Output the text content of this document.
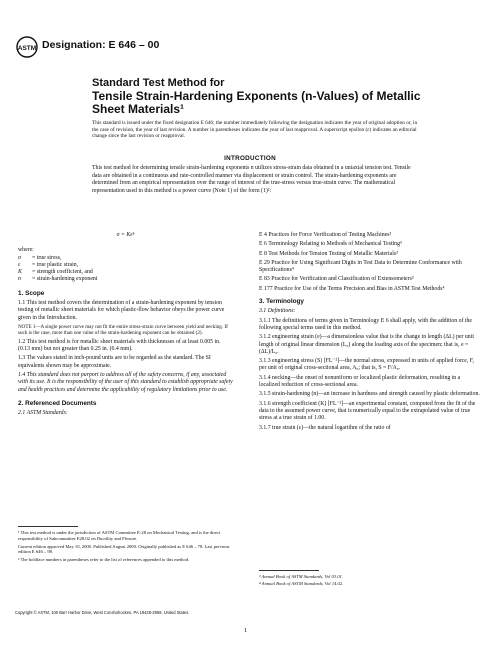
ASTM Designation: E 646 – 00
Standard Test Method for
Tensile Strain-Hardening Exponents (n-Values) of Metallic
Sheet Materials¹
This standard is issued under the fixed designation E 646; the number immediately following the designation indicates the year of original adoption or, in the case of revision, the year of last revision. A number in parentheses indicates the year of last reapproval. A superscript epsilon (ε) indicates an editorial change since the last revision or reapproval.
INTRODUCTION
This test method for determining tensile strain-hardening exponents n utilizes stress-strain data obtained in a uniaxial tension test. Tensile data are obtained in a continuous and rate-controlled manner via displacement or strain control. The strain-hardening exponents are determined from an empirical representation over the range of interest of the true-stress versus true-strain curve. The mathematical representation used in this method is a power curve (Note 1) of the form (1)²:
σ = Kεⁿ
where:
σ	= true stress,
ε	= true plastic strain,
K	= strength coefficient, and
n	= strain-hardening exponent
1. Scope

1.1 This test method covers the determination of a strain-hardening exponent by tension testing of metallic sheet materials for which plastic-flow behavior obeys the power curve given in the Introduction.

NOTE 1—A single power curve may not fit the entire stress-strain curve between yield and necking. If such is the case, more than one value of the strain-hardening exponent can be obtained (2).

1.2 This test method is for metallic sheet materials with thicknesses of at least 0.005 in. (0.13 mm) but not greater than 0.25 in. (6.4 mm).

1.3 The values stated in inch-pound units are to be regarded as the standard. The SI equivalents shown may be approximate.

1.4 This standard does not purport to address all of the safety concerns, if any, associated with its use. It is the responsibility of the user of this standard to establish appropriate safety and health practices and determine the applicability of regulatory limitations prior to use.

2. Referenced Documents

2.1 ASTM Standards:

¹ This test method is under the jurisdiction of ASTM Committee E-28 on Mechanical Testing, and is the direct responsibility of Subcommittee E28.02 on Ductility and Flexure.

Current edition approved May 10, 2000. Published August 2000. Originally published as E 646 – 78. Last previous edition E 646 – 98.

² The boldface numbers in parentheses refer to the list of references appended to this method.

E 4 Practices for Force Verification of Testing Machines³

E 6 Terminology Relating to Methods of Mechanical Testing³

E 8 Test Methods for Tension Testing of Metallic Materials³

E 29 Practice for Using Significant Digits in Test Data to Determine Conformance with Specifications⁴

E 83 Practice for Verification and Classification of Extensometers³

E 177 Practice for Use of the Terms Precision and Bias in ASTM Test Methods⁴

3. Terminology

3.1 Definitions:

3.1.1 The definitions of terms given in Terminology E 6 shall apply, with the addition of the following special terms used in this method.

3.1.2 engineering strain (e)—a dimensionless value that is the change in length (ΔL) per unit length of original linear dimension (L₀) along the loading axis of the specimen; that is, e = (ΔL)/L₀.

3.1.3 engineering stress (S) [FL⁻²]—the normal stress, expressed in units of applied force, F, per unit of original cross-sectional area, A₀; that is, S = F/A₀.

3.1.4 necking—the onset of nonuniform or localized plastic deformation, resulting in a localized reduction of cross-sectional area.

3.1.5 strain-hardening (n)—an increase in hardness and strength caused by plastic deformation.

3.1.6 strength coefficient (K) [FL⁻²]—an experimental constant, computed from the fit of the data to the assumed power curve, that is numerically equal to the extrapolated value of true stress at a true strain of 1.00.

3.1.7 true strain (ε)—the natural logarithm of the ratio of

³ Annual Book of ASTM Standards, Vol 03.01.

⁴ Annual Book of ASTM Standards, Vol 14.02.

Copyright © ASTM, 100 Barr Harbor Drive, West Conshohocken, PA 19428-2959, United States.
1
